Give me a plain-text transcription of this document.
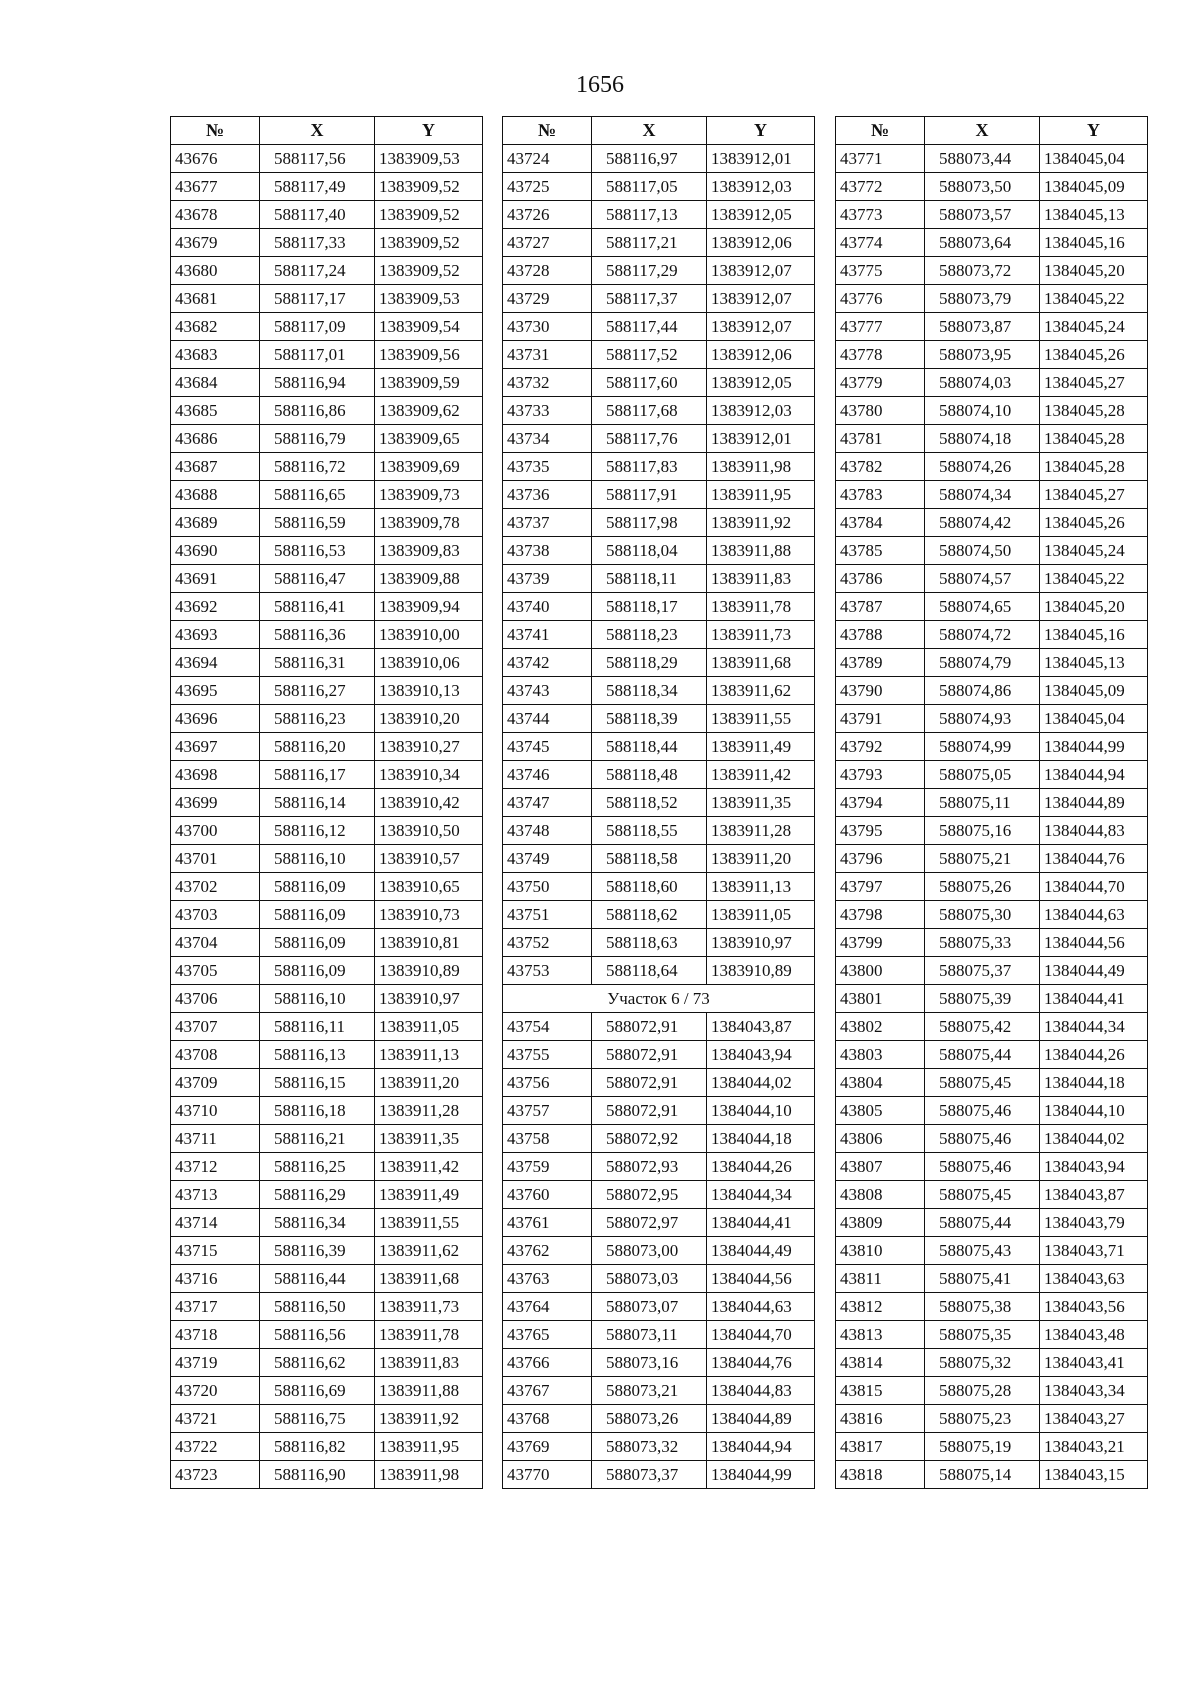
1656
№	X	Y
43676	588117,56	1383909,53
43677	588117,49	1383909,52
43678	588117,40	1383909,52
43679	588117,33	1383909,52
43680	588117,24	1383909,52
43681	588117,17	1383909,53
43682	588117,09	1383909,54
43683	588117,01	1383909,56
43684	588116,94	1383909,59
43685	588116,86	1383909,62
43686	588116,79	1383909,65
43687	588116,72	1383909,69
43688	588116,65	1383909,73
43689	588116,59	1383909,78
43690	588116,53	1383909,83
43691	588116,47	1383909,88
43692	588116,41	1383909,94
43693	588116,36	1383910,00
43694	588116,31	1383910,06
43695	588116,27	1383910,13
43696	588116,23	1383910,20
43697	588116,20	1383910,27
43698	588116,17	1383910,34
43699	588116,14	1383910,42
43700	588116,12	1383910,50
43701	588116,10	1383910,57
43702	588116,09	1383910,65
43703	588116,09	1383910,73
43704	588116,09	1383910,81
43705	588116,09	1383910,89
43706	588116,10	1383910,97
43707	588116,11	1383911,05
43708	588116,13	1383911,13
43709	588116,15	1383911,20
43710	588116,18	1383911,28
43711	588116,21	1383911,35
43712	588116,25	1383911,42
43713	588116,29	1383911,49
43714	588116,34	1383911,55
43715	588116,39	1383911,62
43716	588116,44	1383911,68
43717	588116,50	1383911,73
43718	588116,56	1383911,78
43719	588116,62	1383911,83
43720	588116,69	1383911,88
43721	588116,75	1383911,92
43722	588116,82	1383911,95
43723	588116,90	1383911,98
№	X	Y
43724	588116,97	1383912,01
43725	588117,05	1383912,03
43726	588117,13	1383912,05
43727	588117,21	1383912,06
43728	588117,29	1383912,07
43729	588117,37	1383912,07
43730	588117,44	1383912,07
43731	588117,52	1383912,06
43732	588117,60	1383912,05
43733	588117,68	1383912,03
43734	588117,76	1383912,01
43735	588117,83	1383911,98
43736	588117,91	1383911,95
43737	588117,98	1383911,92
43738	588118,04	1383911,88
43739	588118,11	1383911,83
43740	588118,17	1383911,78
43741	588118,23	1383911,73
43742	588118,29	1383911,68
43743	588118,34	1383911,62
43744	588118,39	1383911,55
43745	588118,44	1383911,49
43746	588118,48	1383911,42
43747	588118,52	1383911,35
43748	588118,55	1383911,28
43749	588118,58	1383911,20
43750	588118,60	1383911,13
43751	588118,62	1383911,05
43752	588118,63	1383910,97
43753	588118,64	1383910,89
Участок 6 / 73		
43754	588072,91	1384043,87
43755	588072,91	1384043,94
43756	588072,91	1384044,02
43757	588072,91	1384044,10
43758	588072,92	1384044,18
43759	588072,93	1384044,26
43760	588072,95	1384044,34
43761	588072,97	1384044,41
43762	588073,00	1384044,49
43763	588073,03	1384044,56
43764	588073,07	1384044,63
43765	588073,11	1384044,70
43766	588073,16	1384044,76
43767	588073,21	1384044,83
43768	588073,26	1384044,89
43769	588073,32	1384044,94
43770	588073,37	1384044,99
№	X	Y
43771	588073,44	1384045,04
43772	588073,50	1384045,09
43773	588073,57	1384045,13
43774	588073,64	1384045,16
43775	588073,72	1384045,20
43776	588073,79	1384045,22
43777	588073,87	1384045,24
43778	588073,95	1384045,26
43779	588074,03	1384045,27
43780	588074,10	1384045,28
43781	588074,18	1384045,28
43782	588074,26	1384045,28
43783	588074,34	1384045,27
43784	588074,42	1384045,26
43785	588074,50	1384045,24
43786	588074,57	1384045,22
43787	588074,65	1384045,20
43788	588074,72	1384045,16
43789	588074,79	1384045,13
43790	588074,86	1384045,09
43791	588074,93	1384045,04
43792	588074,99	1384044,99
43793	588075,05	1384044,94
43794	588075,11	1384044,89
43795	588075,16	1384044,83
43796	588075,21	1384044,76
43797	588075,26	1384044,70
43798	588075,30	1384044,63
43799	588075,33	1384044,56
43800	588075,37	1384044,49
43801	588075,39	1384044,41
43802	588075,42	1384044,34
43803	588075,44	1384044,26
43804	588075,45	1384044,18
43805	588075,46	1384044,10
43806	588075,46	1384044,02
43807	588075,46	1384043,94
43808	588075,45	1384043,87
43809	588075,44	1384043,79
43810	588075,43	1384043,71
43811	588075,41	1384043,63
43812	588075,38	1384043,56
43813	588075,35	1384043,48
43814	588075,32	1384043,41
43815	588075,28	1384043,34
43816	588075,23	1384043,27
43817	588075,19	1384043,21
43818	588075,14	1384043,15
